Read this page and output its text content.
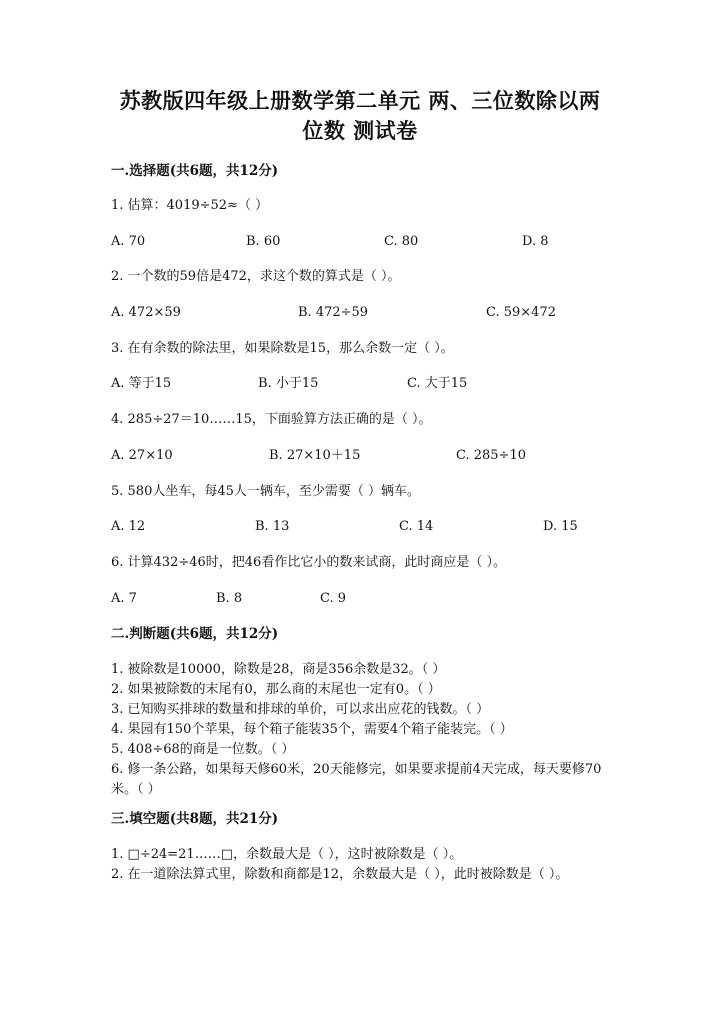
苏教版四年级上册数学第二单元 两、三位数除以两
位数 测试卷
一.选择题(共6题，共12分)
1. 估算：4019÷52≈（ ）
A. 70	B. 60	C. 80	D. 8
2. 一个数的59倍是472，求这个数的算式是（ ）。
A. 472×59	B. 472÷59	C. 59×472
3. 在有余数的除法里，如果除数是15，那么余数一定（ ）。
A. 等于15	B. 小于15	C. 大于15
4. 285÷27＝10……15，下面验算方法正确的是（ ）。
A. 27×10	B. 27×10＋15	C. 285÷10
5. 580人坐车，每45人一辆车，至少需要（ ）辆车。
A. 12	B. 13	C. 14	D. 15
6. 计算432÷46时，把46看作比它小的数来试商，此时商应是（ ）。
A. 7	B. 8	C. 9
二.判断题(共6题，共12分)
1. 被除数是10000，除数是28，商是356余数是32。（ ）
2. 如果被除数的末尾有0，那么商的末尾也一定有0。（ ）
3. 已知购买排球的数量和排球的单价，可以求出应花的钱数。（ ）
4. 果园有150个苹果，每个箱子能装35个，需要4个箱子能装完。（ ）
5. 408÷68的商是一位数。（ ）
6. 修一条公路，如果每天修60米，20天能修完，如果要求提前4天完成，每天要修70米。（ ）
三.填空题(共8题，共21分)
1. □÷24=21……□，余数最大是（ ），这时被除数是（ ）。
2. 在一道除法算式里，除数和商都是12，余数最大是（ ），此时被除数是（ ）。
